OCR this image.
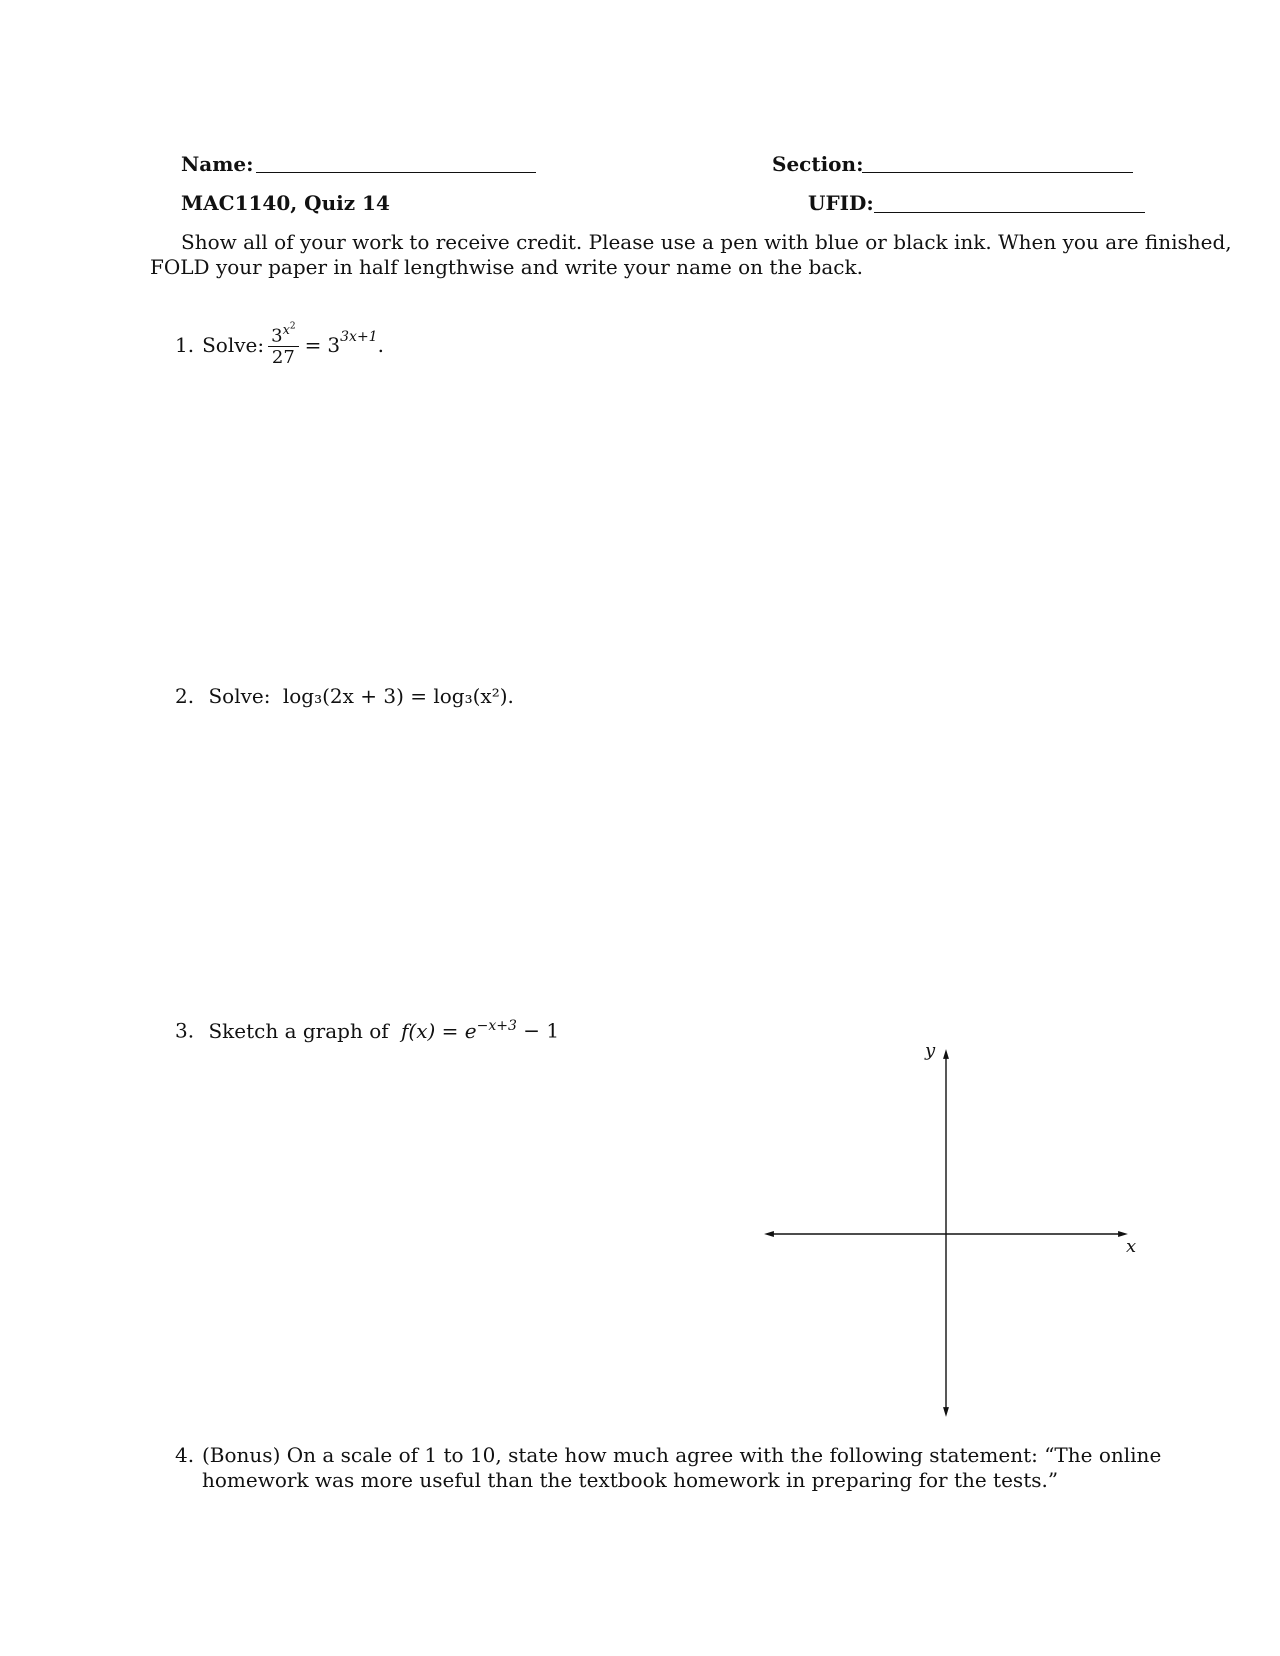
Name:	Section:
MAC1140, Quiz 14	UFID:
Show all of your work to receive credit. Please use a pen with blue or black ink. When you are finished,
FOLD your paper in half lengthwise and write your name on the back.
1. Solve: $\frac{3^{x^2}}{27} = 3$ $^{3x+1}$ .
2. Solve: log₃(2x + 3) = log₃(x²).
3. Sketch a graph of $f(x) = e^{-x+3} - 1$
y
x
4. (Bonus) On a scale of 1 to 10, state how much agree with the following statement: “The online
homework was more useful than the textbook homework in preparing for the tests.”
